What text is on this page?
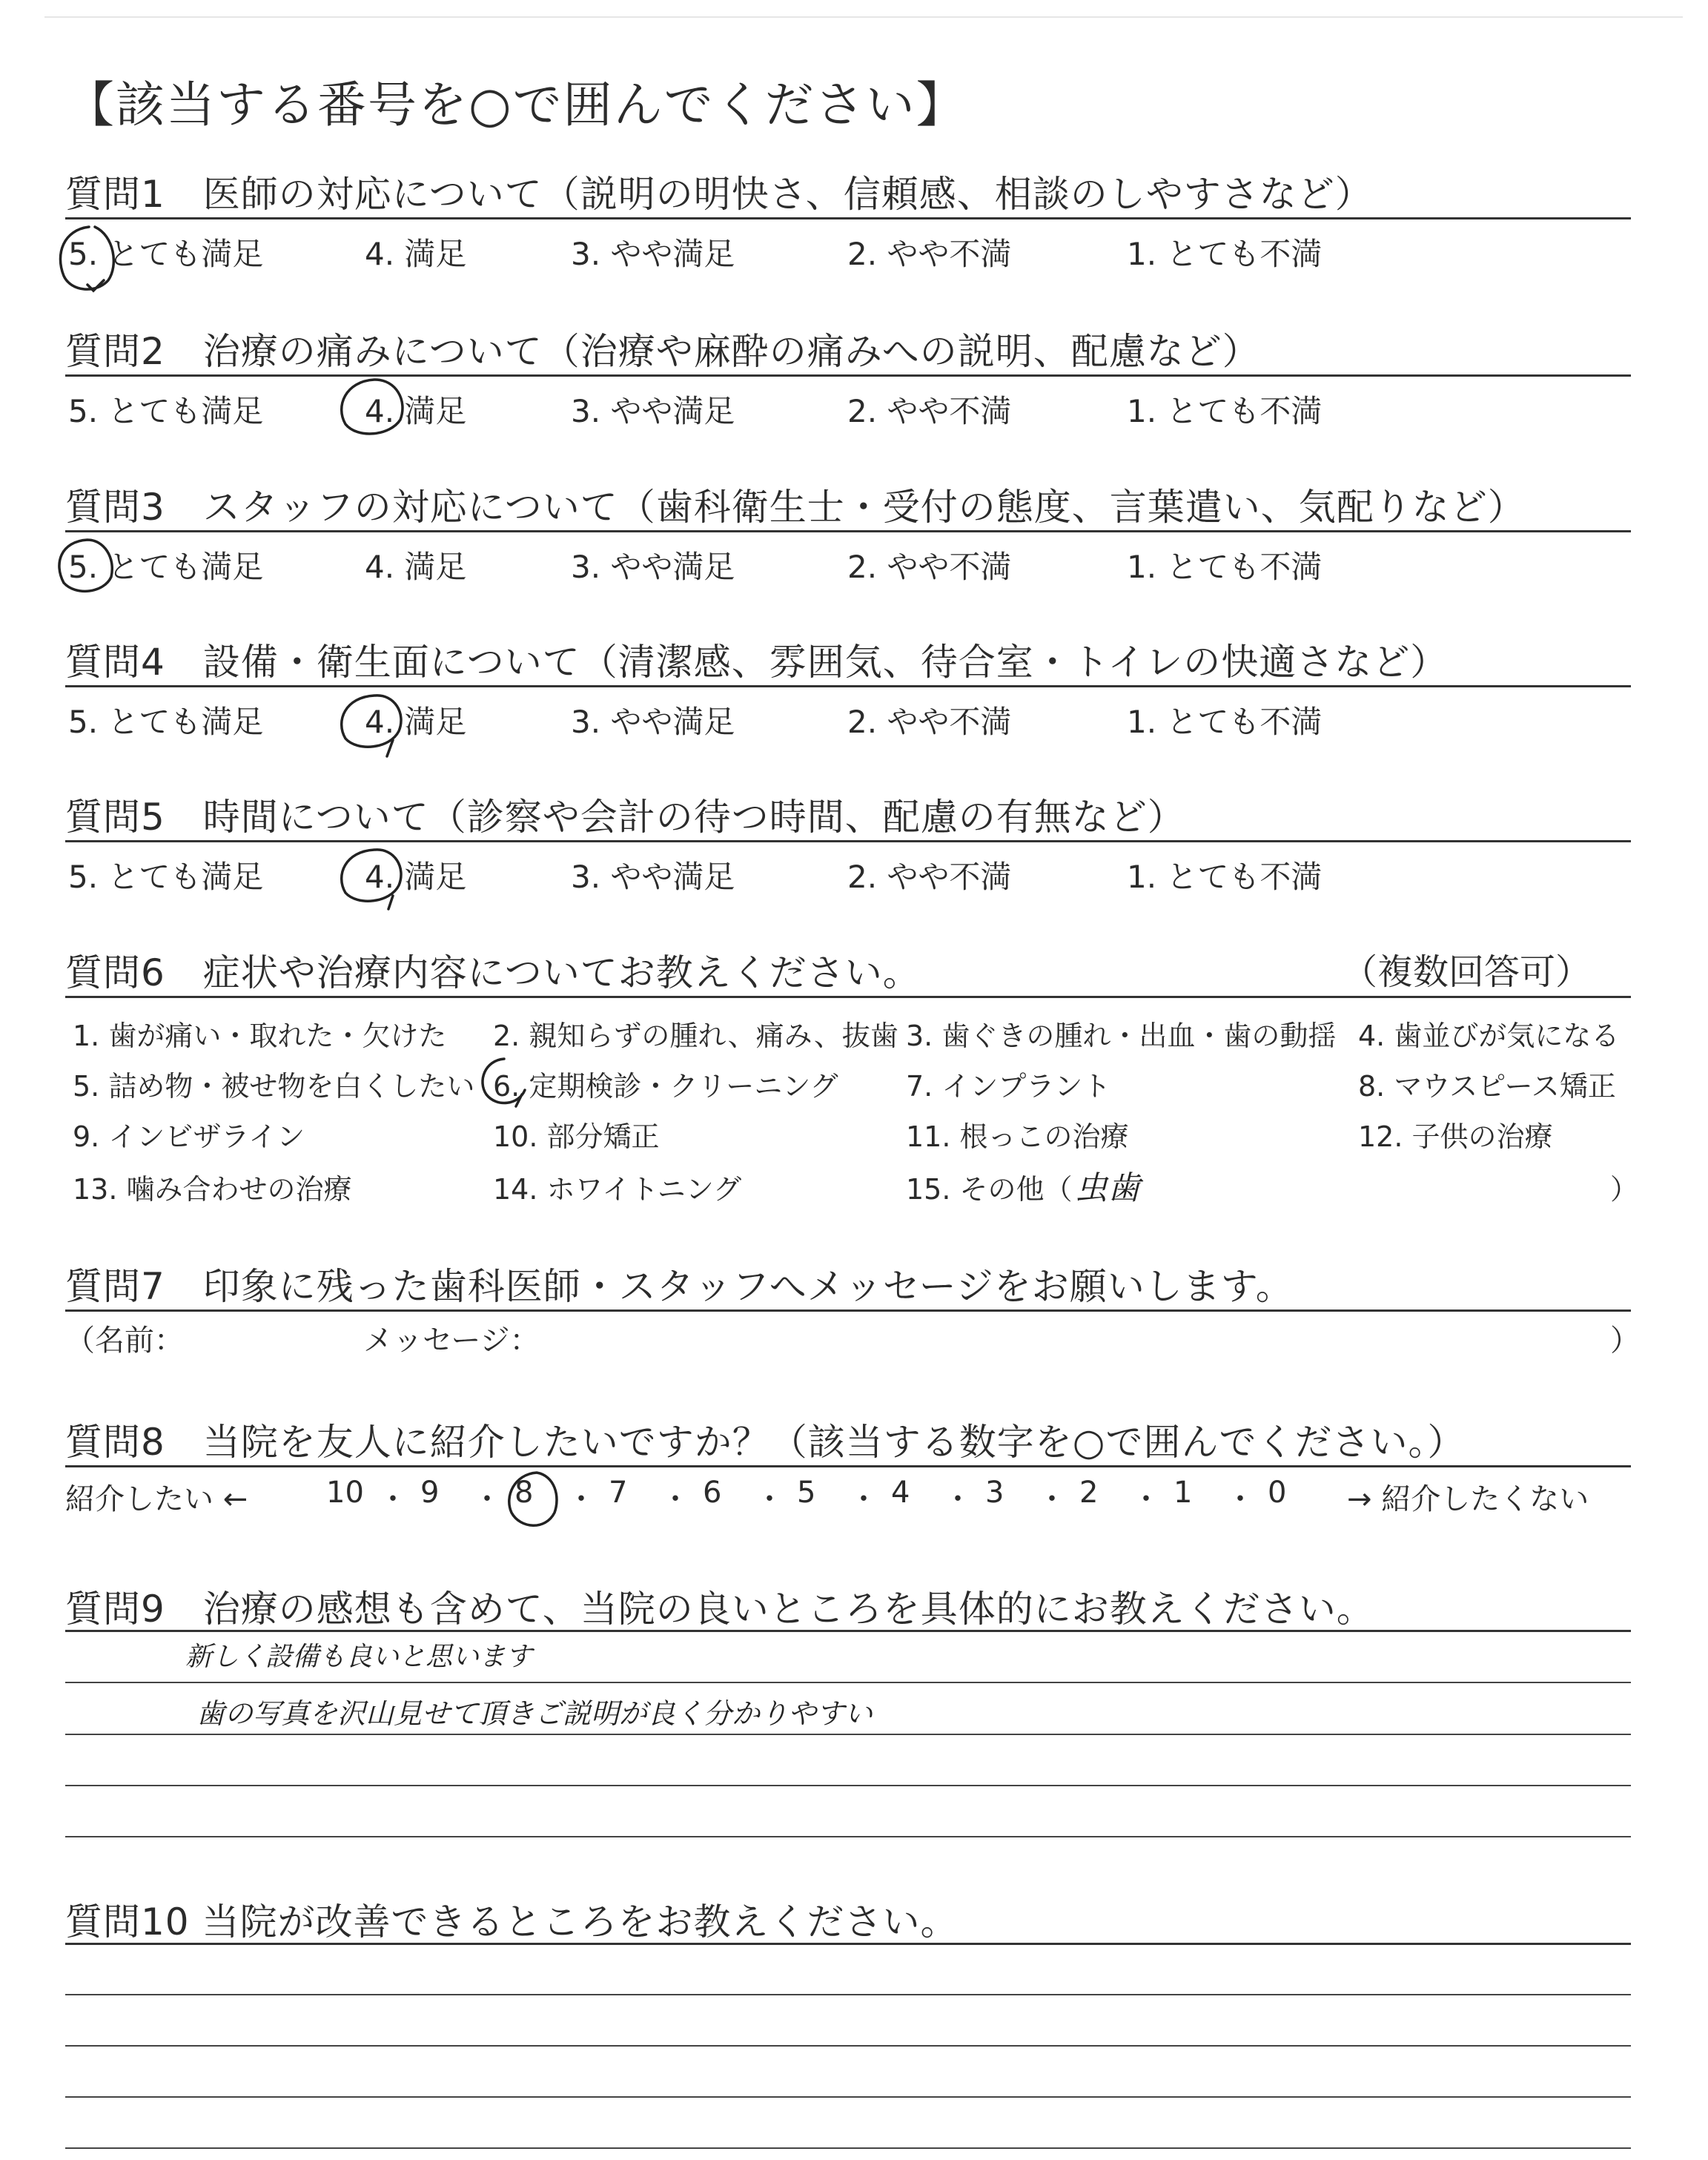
【該当する番号を○で囲んでください】
質問1　医師の対応について（説明の明快さ、信頼感、相談のしやすさなど）
5. とても満足	4. 満足	3. やや満足	2. やや不満	1. とても不満
質問2　治療の痛みについて（治療や麻酔の痛みへの説明、配慮など）
5. とても満足	4. 満足	3. やや満足	2. やや不満	1. とても不満
質問3　スタッフの対応について（歯科衛生士・受付の態度、言葉遣い、気配りなど）
5. とても満足	4. 満足	3. やや満足	2. やや不満	1. とても不満
質問4　設備・衛生面について（清潔感、雰囲気、待合室・トイレの快適さなど）
5. とても満足	4. 満足	3. やや満足	2. やや不満	1. とても不満
質問5　時間について（診察や会計の待つ時間、配慮の有無など）
5. とても満足	4. 満足	3. やや満足	2. やや不満	1. とても不満
質問6　症状や治療内容についてお教えください。	（複数回答可）
1. 歯が痛い・取れた・欠けた 2. 親知らずの腫れ、痛み、抜歯 3. 歯ぐきの腫れ・出血・歯の動揺 4. 歯並びが気になる
5. 詰め物・被せ物を白くしたい 6. 定期検診・クリーニング 7. インプラント	8. マウスピース矯正
9. インビザライン	10. 部分矯正	11. 根っこの治療	12. 子供の治療
13. 噛み合わせの治療	14. ホワイトニング	15. その他（ 虫歯	）
質問7　印象に残った歯科医師・スタッフへメッセージをお願いします。
（名前：	メッセージ：	）
質問8　当院を友人に紹介したいですか？（該当する数字を○で囲んでください。）
紹介したい ←	10 ・ 9 ・ 8 ・ 7 ・ 6 ・ 5 ・ 4 ・ 3 ・ 2 ・ 1 ・ 0 → 紹介したくない
質問9　治療の感想も含めて、当院の良いところを具体的にお教えください。
新しく設備も良いと思います
歯の写真を沢山見せて頂きご説明が良く分かりやすい
質問10 当院が改善できるところをお教えください。
